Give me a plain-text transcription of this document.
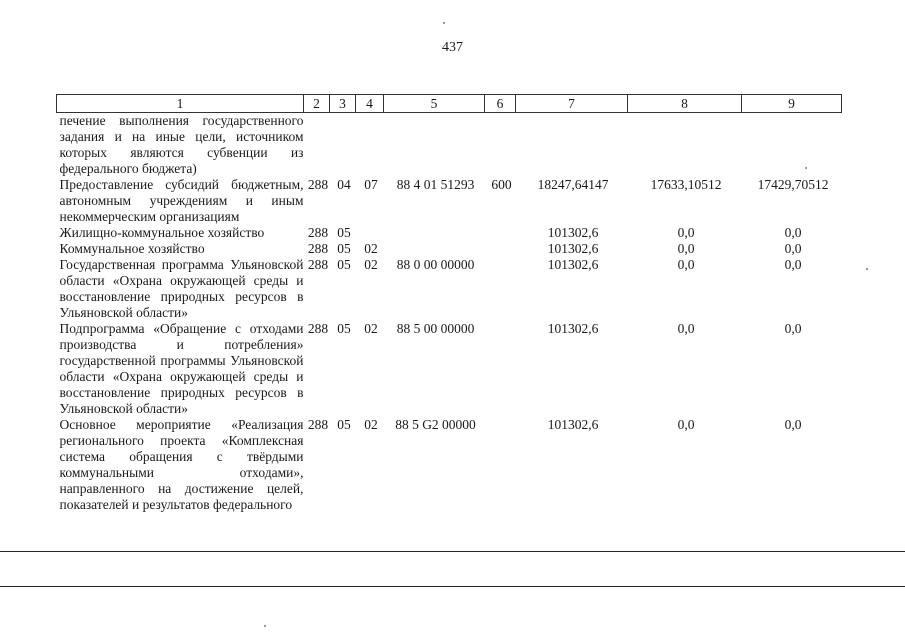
437
1	2	3	4	5	6	7	8	9
печение выполнения государственного задания и на иные цели, источником которых являются субвенции из федерального бюджета)								
Предоставление субсидий бюджетным, автономным учреждениям и иным некоммерческим организациям	288	04	07	88 4 01 51293	600	18247,64147	17633,10512	17429,70512
Жилищно-коммунальное хозяйство	288	05				101302,6	0,0	0,0
Коммунальное хозяйство	288	05	02			101302,6	0,0	0,0
Государственная программа Ульяновской области «Охрана окружающей среды и восстановление природных ресурсов в Ульяновской области»	288	05	02	88 0 00 00000		101302,6	0,0	0,0
Подпрограмма «Обращение с отходами производства и потребления» государственной программы Ульяновской области «Охрана окружающей среды и восстановление природных ресурсов в Ульяновской области»	288	05	02	88 5 00 00000		101302,6	0,0	0,0
Основное мероприятие «Реализация регионального проекта «Комплексная система обращения с твёрдыми коммунальными отходами», направленного на достижение целей, показателей и результатов федерального	288	05	02	88 5 G2 00000		101302,6	0,0	0,0
